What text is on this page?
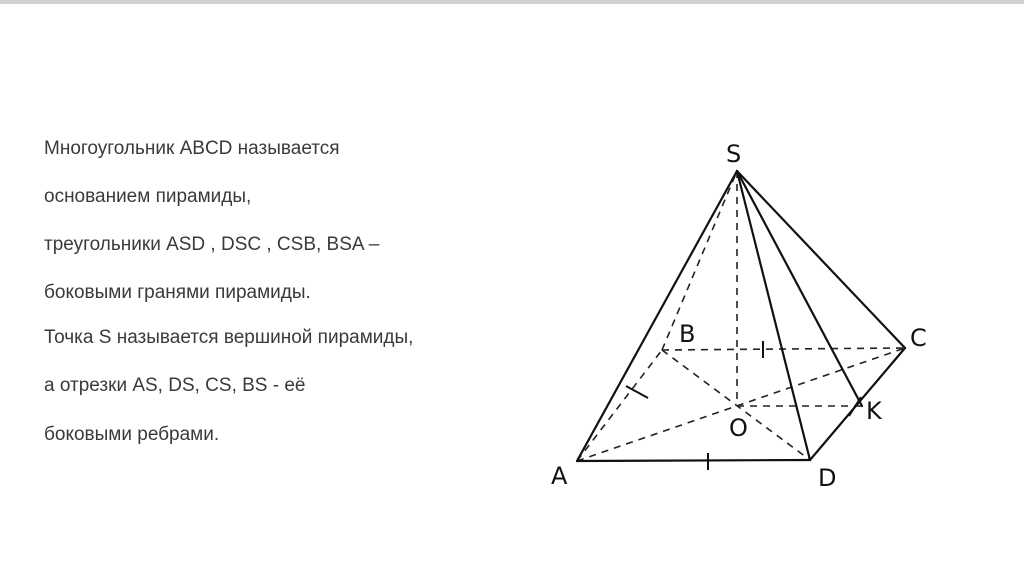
Многоугольник ABCD называется
основанием пирамиды,
треугольники ASD , DSC , CSB, BSA –
боковыми гранями пирамиды.
Точка S называется вершиной пирамиды,
а отрезки AS, DS, CS, BS - её
боковыми ребрами.
S
A
B	C
D
O
K
